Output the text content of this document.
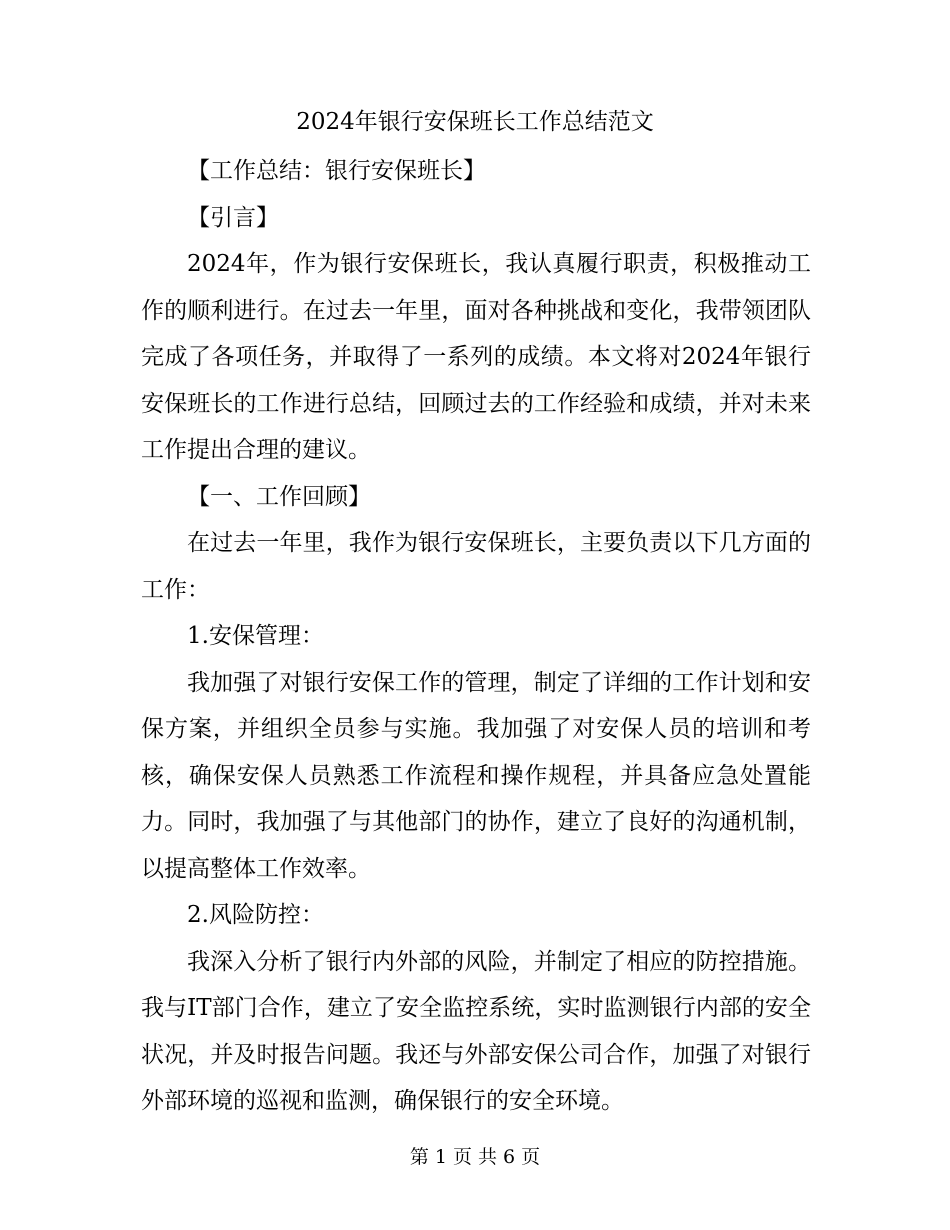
2024年银行安保班长工作总结范文

【工作总结：银行安保班长】

【引言】

2024年，作为银行安保班长，我认真履行职责，积极推动工作的顺利进行。在过去一年里，面对各种挑战和变化，我带领团队完成了各项任务，并取得了一系列的成绩。本文将对2024年银行安保班长的工作进行总结，回顾过去的工作经验和成绩，并对未来工作提出合理的建议。

【一、工作回顾】

在过去一年里，我作为银行安保班长，主要负责以下几方面的工作：

1.安保管理：

我加强了对银行安保工作的管理，制定了详细的工作计划和安保方案，并组织全员参与实施。我加强了对安保人员的培训和考核，确保安保人员熟悉工作流程和操作规程，并具备应急处置能力。同时，我加强了与其他部门的协作，建立了良好的沟通机制，以提高整体工作效率。

2.风险防控：

我深入分析了银行内外部的风险，并制定了相应的防控措施。我与IT部门合作，建立了安全监控系统，实时监测银行内部的安全状况，并及时报告问题。我还与外部安保公司合作，加强了对银行外部环境的巡视和监测，确保银行的安全环境。

第 1 页 共 6 页
